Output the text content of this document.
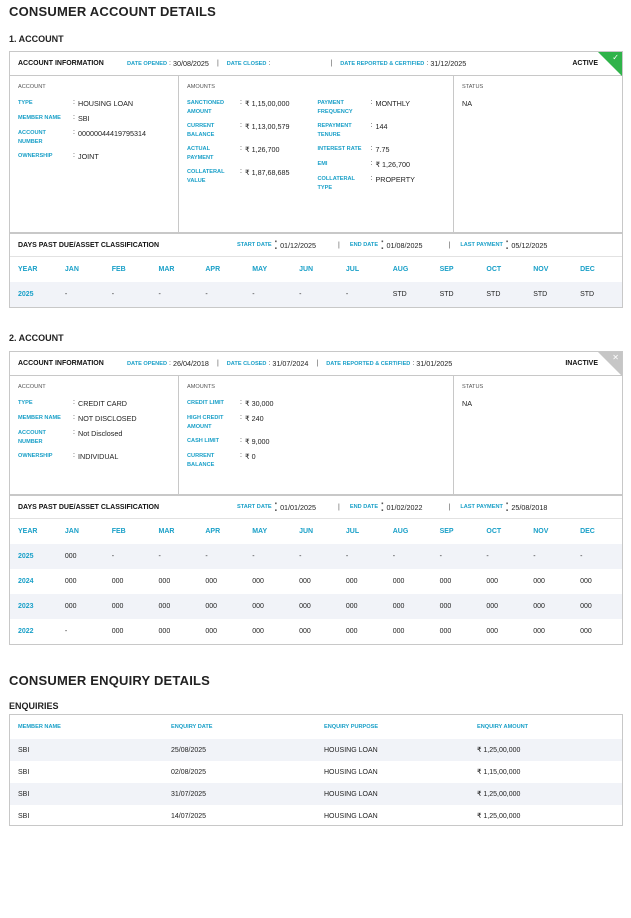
CONSUMER ACCOUNT DETAILS
1. ACCOUNT
ACCOUNT INFORMATION	DATE OPENED : 30/08/2025 | DATE CLOSED :	| DATE REPORTED & CERTIFIED : 31/12/2025	ACTIVE
✓
ACCOUNT
TYPE	: HOUSING LOAN
MEMBER NAME	: SBI
ACCOUNT NUMBER
: 00000044419795314
OWNERSHIP	: JOINT
AMOUNTS
SANCTIONED AMOUNT
: ₹ 1,15,00,000
CURRENT BALANCE
: ₹ 1,13,00,579
ACTUAL PAYMENT
: ₹ 1,26,700
COLLATERAL VALUE
: ₹ 1,87,68,685
PAYMENT FREQUENCY
: MONTHLY
REPAYMENT TENURE
: 144
INTEREST RATE	: 7.75
EMI	: ₹ 1,26,700
COLLATERAL TYPE
: PROPERTY
STATUS
NA
DAYS PAST DUE/ASSET CLASSIFICATION	START DATE : 01/12/2025	| END DATE : 01/08/2025	| LAST PAYMENT : 05/12/2025
YEAR	JAN	FEB	MAR	APR	MAY	JUN	JUL	AUG	SEP	OCT	NOV	DEC
2025	-	-	-	-	-	-	-	STD	STD	STD	STD	STD
2. ACCOUNT
ACCOUNT INFORMATION	DATE OPENED : 26/04/2018 | DATE CLOSED : 31/07/2024 | DATE REPORTED & CERTIFIED : 31/01/2025	INACTIVE
✕
ACCOUNT
TYPE	: CREDIT CARD
MEMBER NAME	: NOT DISCLOSED
ACCOUNT NUMBER
: Not Disclosed
OWNERSHIP	: INDIVIDUAL
AMOUNTS
CREDIT LIMIT	: ₹ 30,000
HIGH CREDIT AMOUNT
: ₹ 240
CASH LIMIT	: ₹ 9,000
CURRENT BALANCE
: ₹ 0
STATUS
NA
DAYS PAST DUE/ASSET CLASSIFICATION	START DATE : 01/01/2025	| END DATE : 01/02/2022	| LAST PAYMENT : 25/08/2018
YEAR	JAN	FEB	MAR	APR	MAY	JUN	JUL	AUG	SEP	OCT	NOV	DEC
2025	000	-	-	-	-	-	-	-	-	-	-	-
2024	000	000	000	000	000	000	000	000	000	000	000	000
2023	000	000	000	000	000	000	000	000	000	000	000	000
2022	-	000	000	000	000	000	000	000	000	000	000	000
CONSUMER ENQUIRY DETAILS
ENQUIRIES
MEMBER NAME	ENQUIRY DATE	ENQUIRY PURPOSE	ENQUIRY AMOUNT
SBI	25/08/2025	HOUSING LOAN	₹ 1,25,00,000
SBI	02/08/2025	HOUSING LOAN	₹ 1,15,00,000
SBI	31/07/2025	HOUSING LOAN	₹ 1,25,00,000
SBI	14/07/2025	HOUSING LOAN	₹ 1,25,00,000
